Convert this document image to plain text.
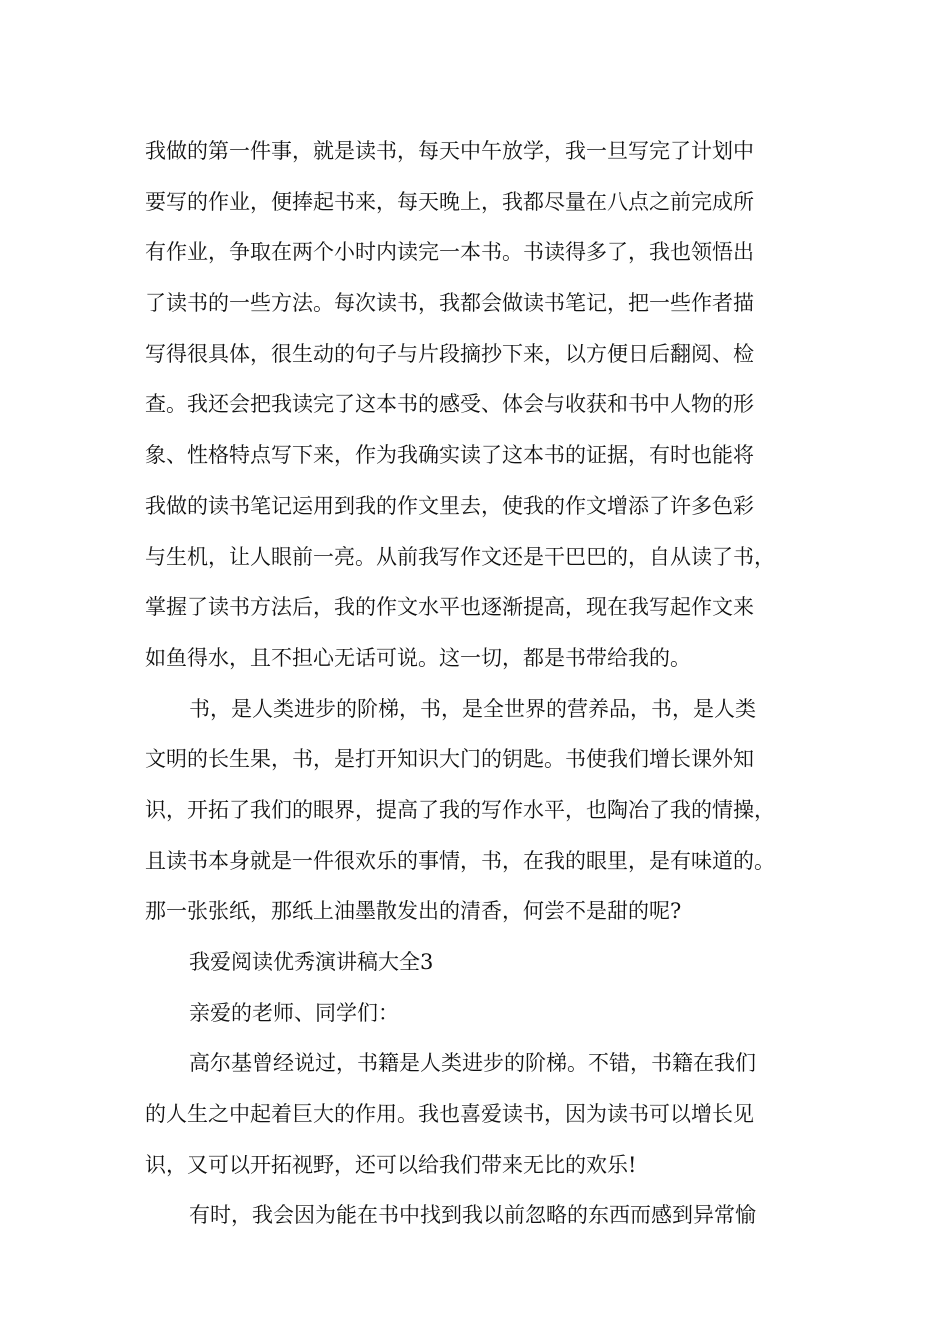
我做的第一件事，就是读书，每天中午放学，我一旦写完了计划中
要写的作业，便捧起书来，每天晚上，我都尽量在八点之前完成所
有作业，争取在两个小时内读完一本书。书读得多了，我也领悟出
了读书的一些方法。每次读书，我都会做读书笔记，把一些作者描
写得很具体，很生动的句子与片段摘抄下来，以方便日后翻阅、检
查。我还会把我读完了这本书的感受、体会与收获和书中人物的形
象、性格特点写下来，作为我确实读了这本书的证据，有时也能将
我做的读书笔记运用到我的作文里去，使我的作文增添了许多色彩
与生机，让人眼前一亮。从前我写作文还是干巴巴的，自从读了书，
掌握了读书方法后，我的作文水平也逐渐提高，现在我写起作文来
如鱼得水，且不担心无话可说。这一切，都是书带给我的。
书，是人类进步的阶梯，书，是全世界的营养品，书，是人类
文明的长生果，书，是打开知识大门的钥匙。书使我们增长课外知
识，开拓了我们的眼界，提高了我的写作水平，也陶冶了我的情操，
且读书本身就是一件很欢乐的事情，书，在我的眼里，是有味道的。
那一张张纸，那纸上油墨散发出的清香，何尝不是甜的呢?
我爱阅读优秀演讲稿大全3
亲爱的老师、同学们：
高尔基曾经说过，书籍是人类进步的阶梯。不错，书籍在我们
的人生之中起着巨大的作用。我也喜爱读书，因为读书可以增长见
识，又可以开拓视野，还可以给我们带来无比的欢乐!
有时，我会因为能在书中找到我以前忽略的东西而感到异常愉
